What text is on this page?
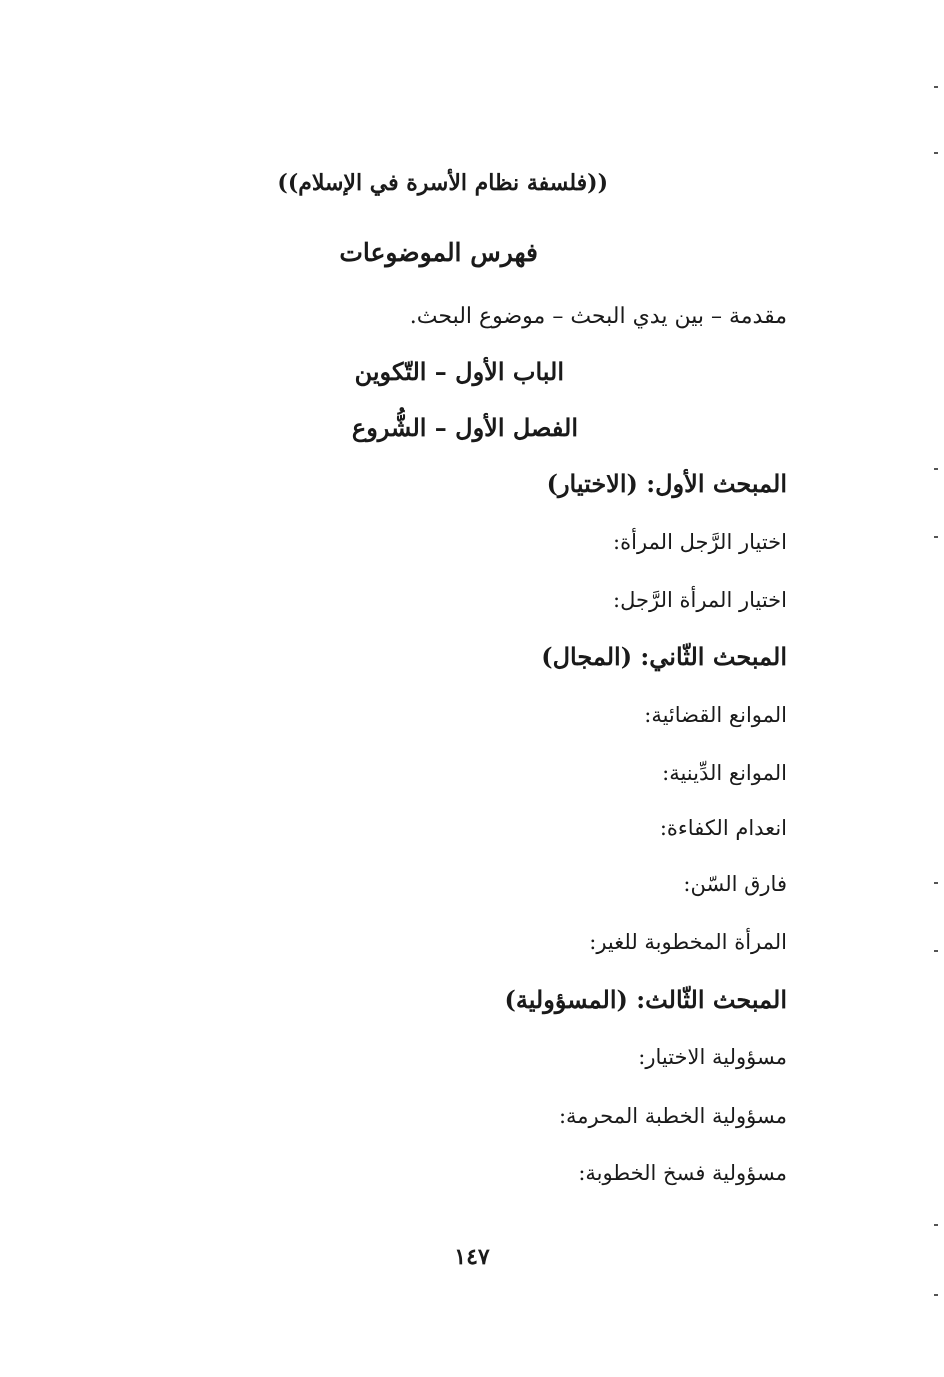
((فلسفة نظام الأسرة في الإسلام))
فهرس الموضوعات
مقدمة – بين يدي البحث – موضوع البحث.
الباب الأول – التّكوين
الفصل الأول – الشُّروع
المبحث الأول: (الاختيار)
اختيار الرَّجل المرأة:
اختيار المرأة الرَّجل:
المبحث الثّاني: (المجال)
الموانع القضائية:
الموانع الدِّينية:
انعدام الكفاءة:
فارق السّن:
المرأة المخطوبة للغير:
المبحث الثّالث: (المسؤولية)
مسؤولية الاختيار:
مسؤولية الخطبة المحرمة:
مسؤولية فسخ الخطوبة:
١٤٧
